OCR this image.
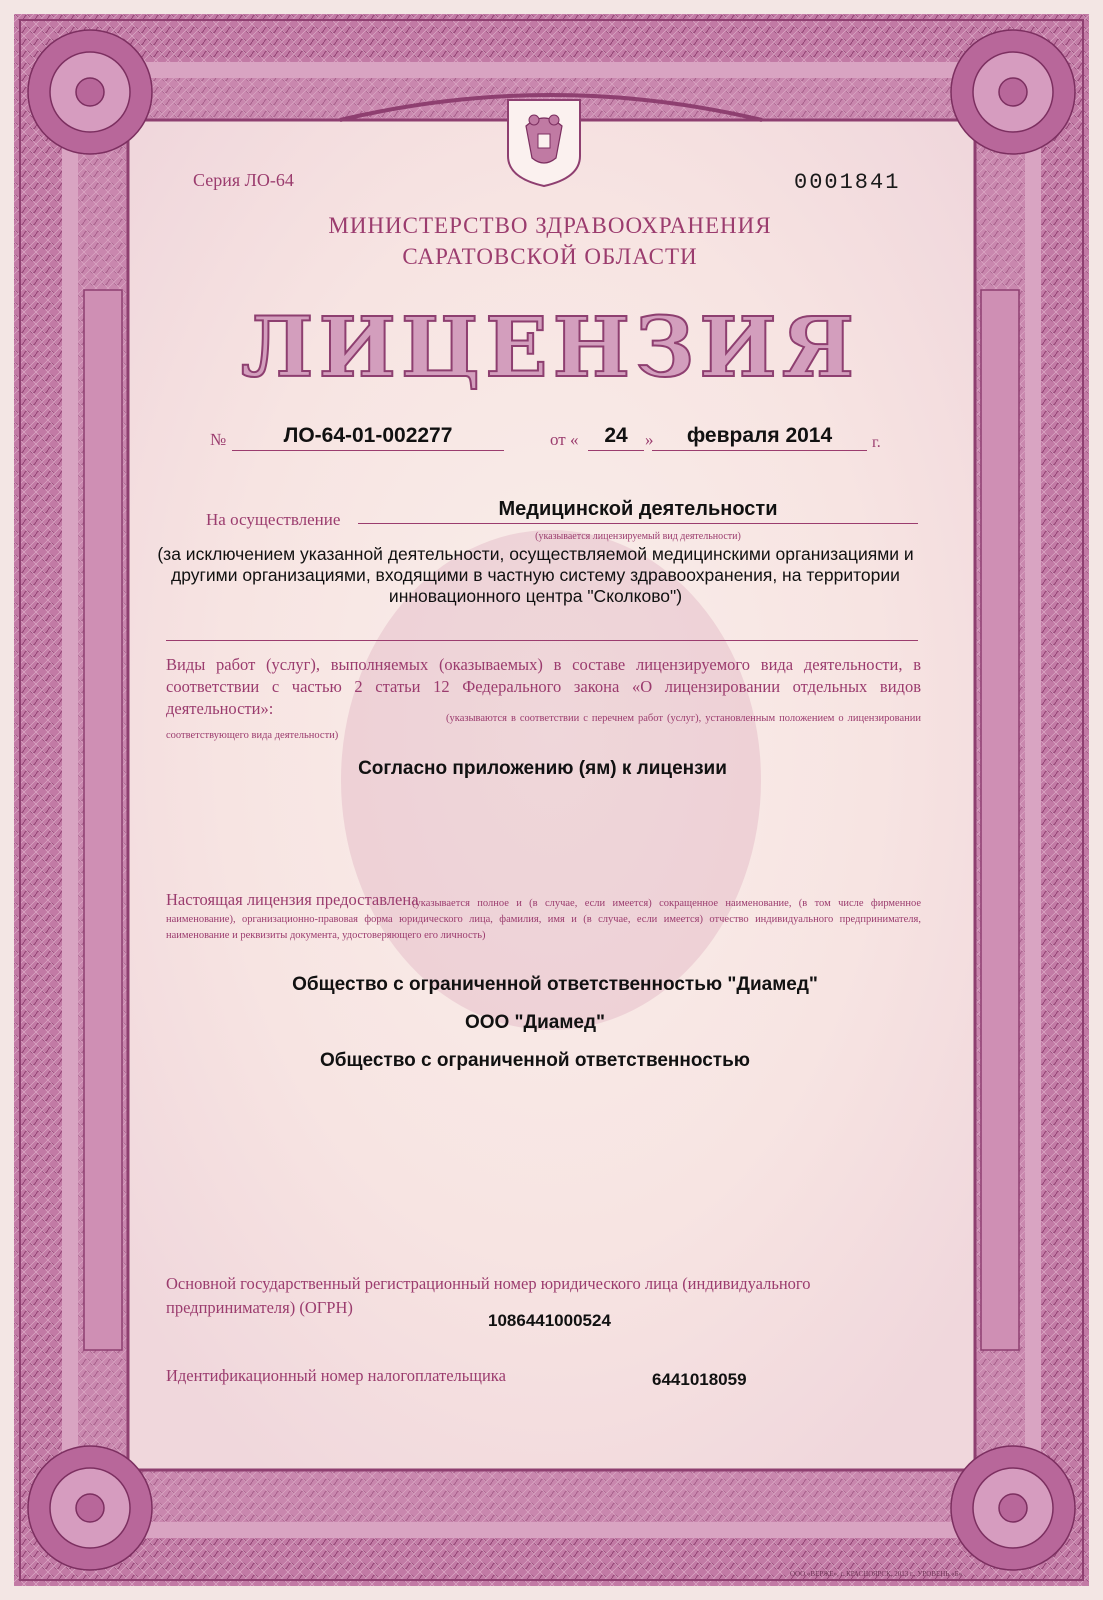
Серия ЛО-64	0001841
МИНИСТЕРСТВО ЗДРАВООХРАНЕНИЯ
САРАТОВСКОЙ ОБЛАСТИ
ЛИЦЕНЗИЯ
№	ЛО-64-01-002277	от «	24	»	февраля 2014	г.
На осуществление	Медицинской деятельности
(указывается лицензируемый вид деятельности)
(за исключением указанной деятельности, осуществляемой медицинскими организациями и другими организациями, входящими в частную систему здравоохранения, на территории инновационного центра "Сколково")
Виды работ (услуг), выполняемых (оказываемых) в составе лицензируемого вида деятельности, в соответствии с частью 2 статьи 12 Федерального закона «О лицензировании отдельных видов деятельности»:
(указываются в соответствии с перечнем работ (услуг), установленным положением о лицензировании соответствующего вида деятельности)
Согласно приложению (ям) к лицензии
Настоящая лицензия предоставлена
(указывается полное и (в случае, если имеется) сокращенное наименование, (в том числе фирменное наименование), организационно-правовая форма юридического лица, фамилия, имя и (в случае, если имеется) отчество индивидуального предпринимателя, наименование и реквизиты документа, удостоверяющего его личность)
Общество с ограниченной ответственностью "Диамед"
ООО "Диамед"
Общество с ограниченной ответственностью
Основной государственный регистрационный номер юридического лица (индивидуального предпринимателя) (ОГРН)
1086441000524
Идентификационный номер налогоплательщика	6441018059
ООО «ВЕРЖЕ», г. КРАСНОЯРСК, 2013 г., УРОВЕНЬ «Б»
